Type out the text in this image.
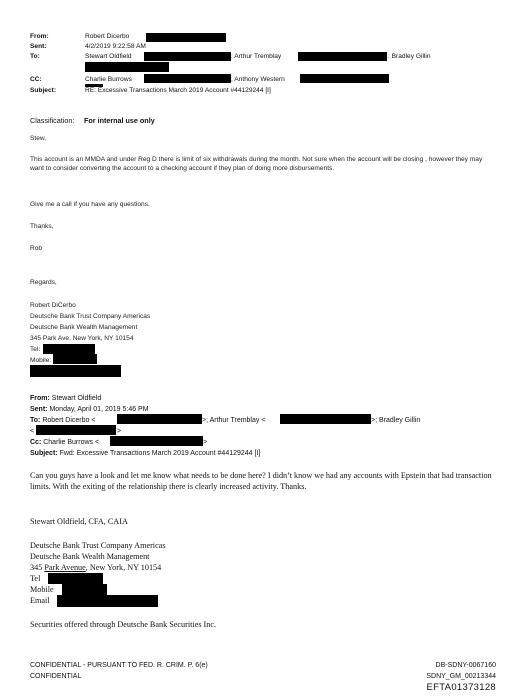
From:	Robert Dicerbo
Sent:	4/2/2019 9:22:58 AM
To:	Stewart Oldfield	; Arthur Tremblay	; Bradley Gillin
CC:	Charlie Burrows	; Anthony Western
Subject:	RE: Excessive Transactions March 2019 Account #44129244 [I]
Classification: For internal use only
Stew,
This account is an MMDA and under Reg D there is limit of six withdrawals during the month. Not sure when the account will be closing , however they may want to consider converting the account to a checking account if they plan of doing more disbursements.
Give me a call if you have any questions.
Thanks,
Rob
Regards,
Robert DiCerbo
Deutsche Bank Trust Company Americas
Deutsche Bank Wealth Management
345 Park Ave. New York, NY 10154
Tel:
Mobile:
From: Stewart Oldfield
Sent: Monday, April 01, 2019 5:46 PM
To: Robert Dicerbo <	>; Arthur Tremblay <	>; Bradley Gillin
<	>
Cc: Charlie Burrows <	>
Subject: Fwd: Excessive Transactions March 2019 Account #44129244 [I]
Can you guys have a look and let me know what needs to be done here? I didn’t know we had any accounts with Epstein that had transaction limits. With the exiting of the relationship there is clearly increased activity. Thanks.
Stewart Oldfield, CFA, CAIA
Deutsche Bank Trust Company Americas
Deutsche Bank Wealth Management
345 Park Avenue, New York, NY 10154
Tel
Mobile
Email
Securities offered through Deutsche Bank Securities Inc.
CONFIDENTIAL - PURSUANT TO FED. R. CRIM. P. 6(e)
CONFIDENTIAL
DB-SDNY-0067160
SDNY_GM_00213344
EFTA01373128
